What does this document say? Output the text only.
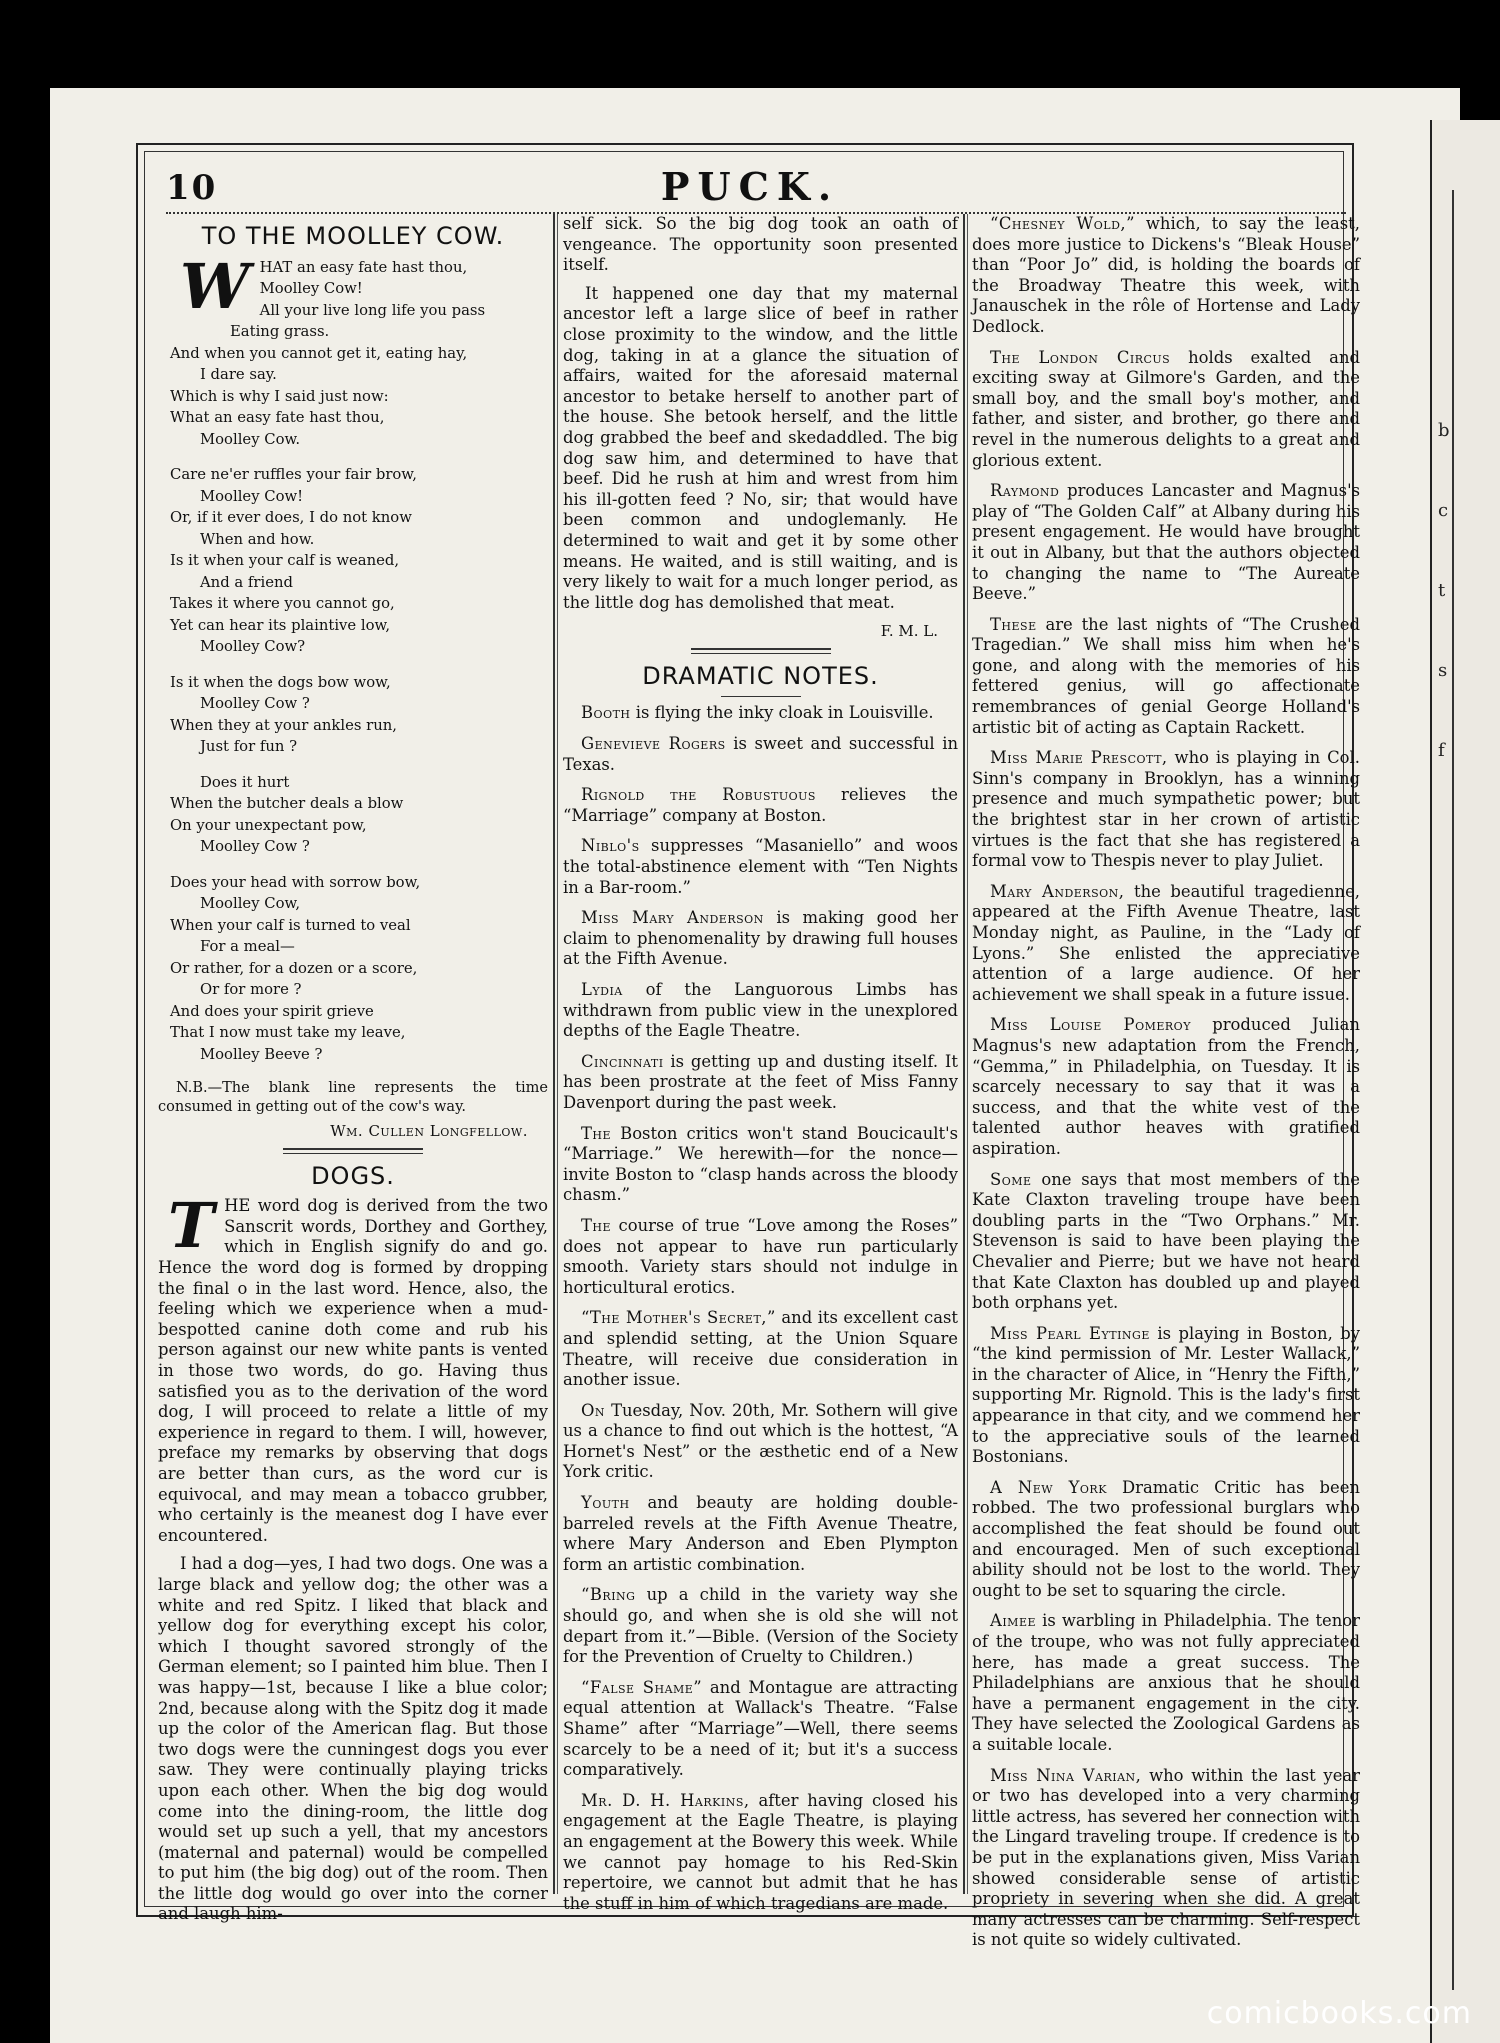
b
c
t
s
f
10	PUCK.
TO THE MOOLLEY COW.
W HAT an easy fate hast thou,
Moolley Cow!
All your live long life you pass
Eating grass.
And when you cannot get it, eating hay,
I dare say.
Which is why I said just now:
What an easy fate hast thou,
Moolley Cow.
Care ne'er ruffles your fair brow,
Moolley Cow!
Or, if it ever does, I do not know
When and how.
Is it when your calf is weaned,
And a friend
Takes it where you cannot go,
Yet can hear its plaintive low,
Moolley Cow?
Is it when the dogs bow wow,
Moolley Cow ?
When they at your ankles run,
Just for fun ?
Does it hurt
When the butcher deals a blow
On your unexpectant pow,
Moolley Cow ?
Does your head with sorrow bow,
Moolley Cow,
When your calf is turned to veal
For a meal—
Or rather, for a dozen or a score,
Or for more ?
And does your spirit grieve
That I now must take my leave,
Moolley Beeve ?
N.B.—The blank line represents the time consumed in getting out of the cow's way.
Wm. Cullen Longfellow.
DOGS.

THE word dog is derived from the two Sanscrit words, Dorthey and Gorthey, which in English signify do and go. Hence the word dog is formed by dropping the final o in the last word. Hence, also, the feeling which we experience when a mud-bespotted canine doth come and rub his person against our new white pants is vented in those two words, do go. Having thus satisfied you as to the derivation of the word dog, I will proceed to relate a little of my experience in regard to them. I will, however, preface my remarks by observing that dogs are better than curs, as the word cur is equivocal, and may mean a tobacco grubber, who certainly is the meanest dog I have ever encountered.

I had a dog—yes, I had two dogs. One was a large black and yellow dog; the other was a white and red Spitz. I liked that black and yellow dog for everything except his color, which I thought savored strongly of the German element; so I painted him blue. Then I was happy—1st, because I like a blue color; 2nd, because along with the Spitz dog it made up the color of the American flag. But those two dogs were the cunningest dogs you ever saw. They were continually playing tricks upon each other. When the big dog would come into the dining-room, the little dog would set up such a yell, that my ancestors (maternal and paternal) would be compelled to put him (the big dog) out of the room. Then the little dog would go over into the corner and laugh him-

self sick. So the big dog took an oath of vengeance. The opportunity soon presented itself.

It happened one day that my maternal ancestor left a large slice of beef in rather close proximity to the window, and the little dog, taking in at a glance the situation of affairs, waited for the aforesaid maternal ancestor to betake herself to another part of the house. She betook herself, and the little dog grabbed the beef and skedaddled. The big dog saw him, and determined to have that beef. Did he rush at him and wrest from him his ill-gotten feed ? No, sir; that would have been common and undoglemanly. He determined to wait and get it by some other means. He waited, and is still waiting, and is very likely to wait for a much longer period, as the little dog has demolished that meat.

F. M. L.
DRAMATIC NOTES.

Booth is flying the inky cloak in Louisville.

Genevieve Rogers is sweet and successful in Texas.

Rignold the Robustuous relieves the “Marriage” company at Boston.

Niblo's suppresses “Masaniello” and woos the total-abstinence element with “Ten Nights in a Bar-room.”

Miss Mary Anderson is making good her claim to phenomenality by drawing full houses at the Fifth Avenue.

Lydia of the Languorous Limbs has withdrawn from public view in the unexplored depths of the Eagle Theatre.

Cincinnati is getting up and dusting itself. It has been prostrate at the feet of Miss Fanny Davenport during the past week.

The Boston critics won't stand Boucicault's “Marriage.” We herewith—for the nonce—invite Boston to “clasp hands across the bloody chasm.”

The course of true “Love among the Roses” does not appear to have run particularly smooth. Variety stars should not indulge in horticultural erotics.

“The Mother's Secret,” and its excellent cast and splendid setting, at the Union Square Theatre, will receive due consideration in another issue.

On Tuesday, Nov. 20th, Mr. Sothern will give us a chance to find out which is the hottest, “A Hornet's Nest” or the æsthetic end of a New York critic.

Youth and beauty are holding double-barreled revels at the Fifth Avenue Theatre, where Mary Anderson and Eben Plympton form an artistic combination.

“Bring up a child in the variety way she should go, and when she is old she will not depart from it.”—Bible. (Version of the Society for the Prevention of Cruelty to Children.)

“False Shame” and Montague are attracting equal attention at Wallack's Theatre. “False Shame” after “Marriage”—Well, there seems scarcely to be a need of it; but it's a success comparatively.

Mr. D. H. Harkins, after having closed his engagement at the Eagle Theatre, is playing an engagement at the Bowery this week. While we cannot pay homage to his Red-Skin repertoire, we cannot but admit that he has the stuff in him of which tragedians are made.

“Chesney Wold,” which, to say the least, does more justice to Dickens's “Bleak House” than “Poor Jo” did, is holding the boards of the Broadway Theatre this week, with Janauschek in the rôle of Hortense and Lady Dedlock.

The London Circus holds exalted and exciting sway at Gilmore's Garden, and the small boy, and the small boy's mother, and father, and sister, and brother, go there and revel in the numerous delights to a great and glorious extent.

Raymond produces Lancaster and Magnus's play of “The Golden Calf” at Albany during his present engagement. He would have brought it out in Albany, but that the authors objected to changing the name to “The Aureate Beeve.”

These are the last nights of “The Crushed Tragedian.” We shall miss him when he's gone, and along with the memories of his fettered genius, will go affectionate remembrances of genial George Holland's artistic bit of acting as Captain Rackett.

Miss Marie Prescott, who is playing in Col. Sinn's company in Brooklyn, has a winning presence and much sympathetic power; but the brightest star in her crown of artistic virtues is the fact that she has registered a formal vow to Thespis never to play Juliet.

Mary Anderson, the beautiful tragedienne, appeared at the Fifth Avenue Theatre, last Monday night, as Pauline, in the “Lady of Lyons.” She enlisted the appreciative attention of a large audience. Of her achievement we shall speak in a future issue.

Miss Louise Pomeroy produced Julian Magnus's new adaptation from the French, “Gemma,” in Philadelphia, on Tuesday. It is scarcely necessary to say that it was a success, and that the white vest of the talented author heaves with gratified aspiration.

Some one says that most members of the Kate Claxton traveling troupe have been doubling parts in the “Two Orphans.” Mr. Stevenson is said to have been playing the Chevalier and Pierre; but we have not heard that Kate Claxton has doubled up and played both orphans yet.

Miss Pearl Eytinge is playing in Boston, by “the kind permission of Mr. Lester Wallack,” in the character of Alice, in “Henry the Fifth,” supporting Mr. Rignold. This is the lady's first appearance in that city, and we commend her to the appreciative souls of the learned Bostonians.

A New York Dramatic Critic has been robbed. The two professional burglars who accomplished the feat should be found out and encouraged. Men of such exceptional ability should not be lost to the world. They ought to be set to squaring the circle.

Aimee is warbling in Philadelphia. The tenor of the troupe, who was not fully appreciated here, has made a great success. The Philadelphians are anxious that he should have a permanent engagement in the city. They have selected the Zoological Gardens as a suitable locale.

Miss Nina Varian, who within the last year or two has developed into a very charming little actress, has severed her connection with the Lingard traveling troupe. If credence is to be put in the explanations given, Miss Varian showed considerable sense of artistic propriety in severing when she did. A great many actresses can be charming. Self-respect is not quite so widely cultivated.

comicbooks.com
